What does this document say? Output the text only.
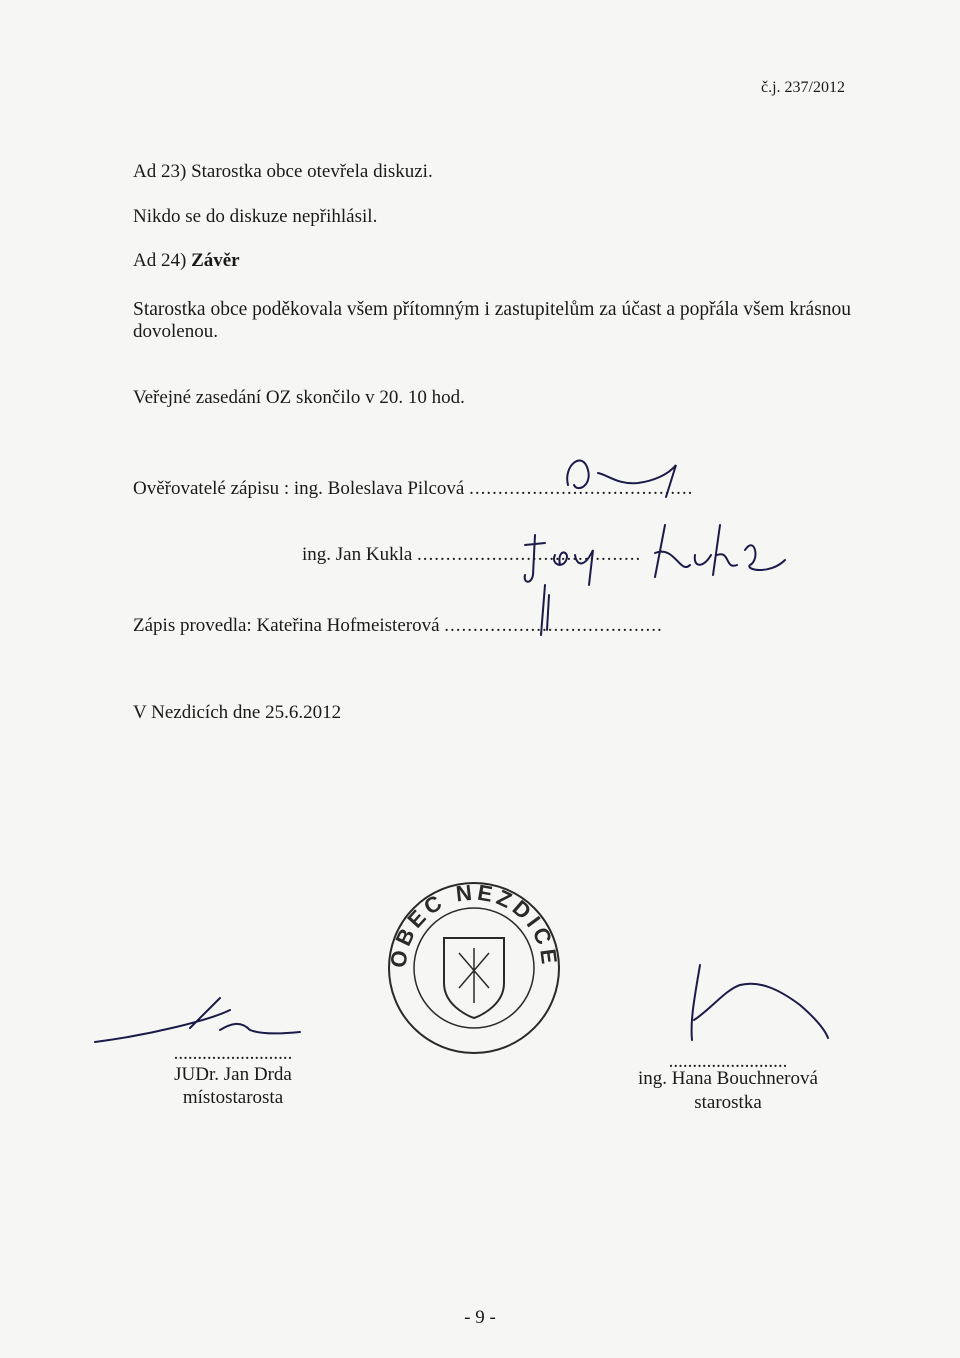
č.j. 237/2012
Ad 23) Starostka obce otevřela diskuzi.
Nikdo se do diskuze nepřihlásil.
Ad 24) Závěr
Starostka obce poděkovala všem přítomným i zastupitelům za účast a popřála všem krásnou
dovolenou.
Veřejné zasedání OZ skončilo v 20. 10 hod.
Ověřovatelé zápisu : ing. Boleslava Pilcová .......................................
ing. Jan Kukla .......................................
Zápis provedla: Kateřina Hofmeisterová ......................................
V Nezdicích dne 25.6.2012
OBEC NEZDICE
.........................
JUDr. Jan Drda
místostarosta
.........................
ing. Hana Bouchnerová
starostka
- 9 -
